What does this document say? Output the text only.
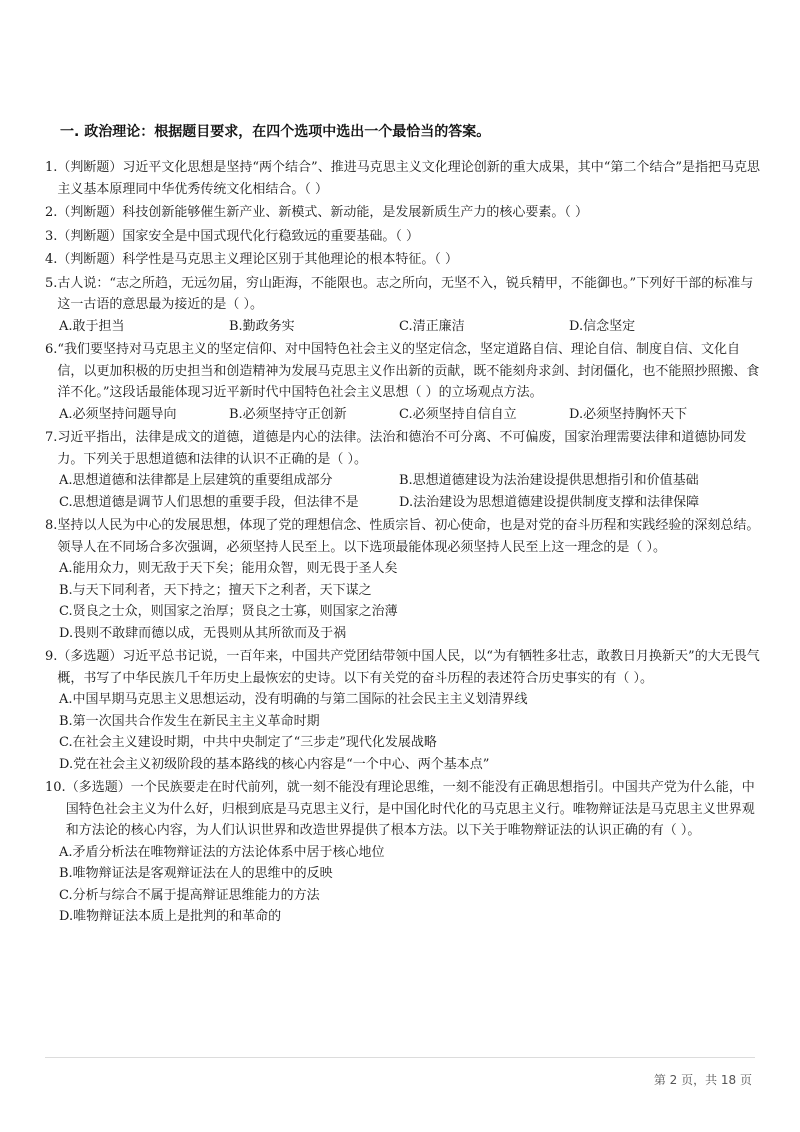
一. 政治理论：根据题目要求，在四个选项中选出一个最恰当的答案。
1. （判断题）习近平文化思想是坚持“两个结合”、推进马克思主义文化理论创新的重大成果，其中“第二个结合”是指把马克思主义基本原理同中华优秀传统文化相结合。（ ）
2. （判断题）科技创新能够催生新产业、新模式、新动能，是发展新质生产力的核心要素。（ ）
3. （判断题）国家安全是中国式现代化行稳致远的重要基础。（ ）
4. （判断题）科学性是马克思主义理论区别于其他理论的根本特征。（ ）
5. 古人说：“志之所趋，无远勿届，穷山距海，不能限也。志之所向，无坚不入，锐兵精甲，不能御也。”下列好干部的标准与这一古语的意思最为接近的是（ ）。
A.敢于担当	B.勤政务实	C.清正廉洁	D.信念坚定
6. “我们要坚持对马克思主义的坚定信仰、对中国特色社会主义的坚定信念，坚定道路自信、理论自信、制度自信、文化自信，以更加积极的历史担当和创造精神为发展马克思主义作出新的贡献，既不能刻舟求剑、封闭僵化，也不能照抄照搬、食洋不化。”这段话最能体现习近平新时代中国特色社会主义思想（ ）的立场观点方法。
A.必须坚持问题导向	B.必须坚持守正创新	C.必须坚持自信自立	D.必须坚持胸怀天下
7. 习近平指出，法律是成文的道德，道德是内心的法律。法治和德治不可分离、不可偏废，国家治理需要法律和道德协同发力。下列关于思想道德和法律的认识不正确的是（ ）。
A.思想道德和法律都是上层建筑的重要组成部分	B.思想道德建设为法治建设提供思想指引和价值基础
C.思想道德是调节人们思想的重要手段，但法律不是	D.法治建设为思想道德建设提供制度支撑和法律保障
8. 坚持以人民为中心的发展思想，体现了党的理想信念、性质宗旨、初心使命，也是对党的奋斗历程和实践经验的深刻总结。领导人在不同场合多次强调，必须坚持人民至上。以下选项最能体现必须坚持人民至上这一理念的是（ ）。
A.能用众力，则无敌于天下矣；能用众智，则无畏于圣人矣
B.与天下同利者，天下持之；擅天下之利者，天下谋之
C.贤良之士众，则国家之治厚；贤良之士寡，则国家之治薄
D.畏则不敢肆而德以成，无畏则从其所欲而及于祸
9. （多选题）习近平总书记说，一百年来，中国共产党团结带领中国人民，以“为有牺牲多壮志，敢教日月换新天”的大无畏气概，书写了中华民族几千年历史上最恢宏的史诗。以下有关党的奋斗历程的表述符合历史事实的有（ ）。
A.中国早期马克思主义思想运动，没有明确的与第二国际的社会民主主义划清界线
B.第一次国共合作发生在新民主主义革命时期
C.在社会主义建设时期，中共中央制定了“三步走”现代化发展战略
D.党在社会主义初级阶段的基本路线的核心内容是“一个中心、两个基本点”
10. （多选题）一个民族要走在时代前列，就一刻不能没有理论思维，一刻不能没有正确思想指引。中国共产党为什么能，中国特色社会主义为什么好，归根到底是马克思主义行，是中国化时代化的马克思主义行。唯物辩证法是马克思主义世界观和方法论的核心内容，为人们认识世界和改造世界提供了根本方法。以下关于唯物辩证法的认识正确的有（ ）。
A.矛盾分析法在唯物辩证法的方法论体系中居于核心地位
B.唯物辩证法是客观辩证法在人的思维中的反映
C.分析与综合不属于提高辩证思维能力的方法
D.唯物辩证法本质上是批判的和革命的
第 2 页，共 18 页
